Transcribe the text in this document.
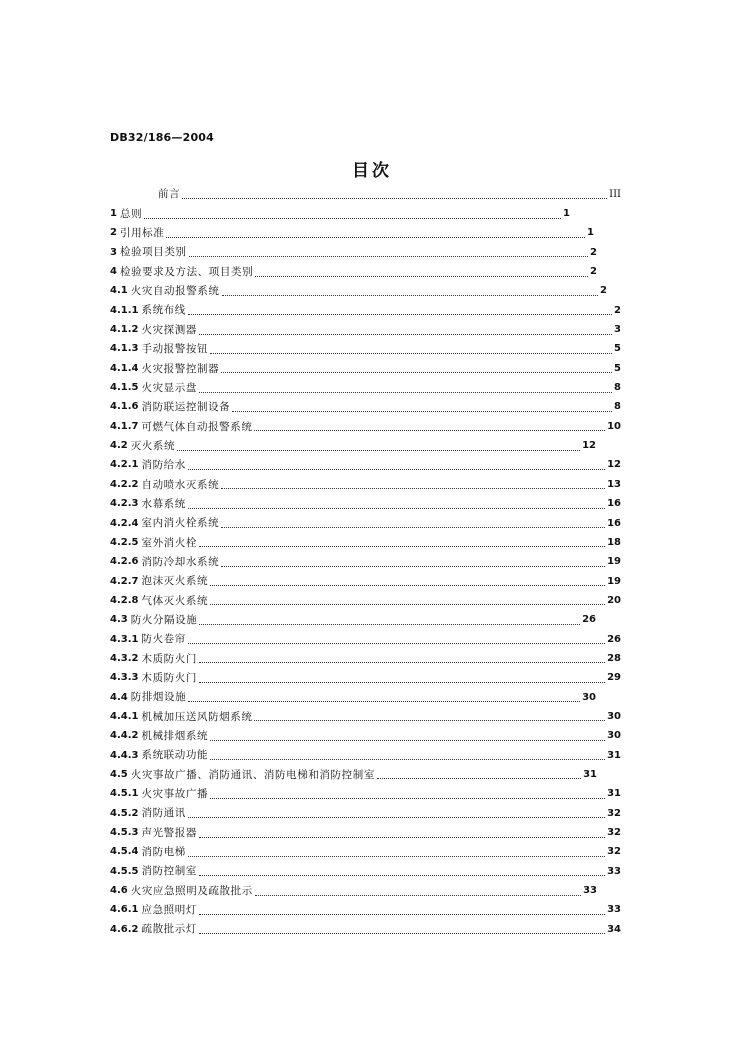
DB32/186—2004
目次
前言	III
1 总则	1
2 引用标准	1
3 检验项目类别	2
4 检验要求及方法、项目类别	2
4.1 火灾自动报警系统	2
4.1.1 系统布线	2
4.1.2 火灾探测器	3
4.1.3 手动报警按钮	5
4.1.4 火灾报警控制器	5
4.1.5 火灾显示盘	8
4.1.6 消防联运控制设备	8
4.1.7 可燃气体自动报警系统	10
4.2 灭火系统	12
4.2.1 消防给水	12
4.2.2 自动喷水灭系统	13
4.2.3 水幕系统	16
4.2.4 室内消火栓系统	16
4.2.5 室外消火栓	18
4.2.6 消防冷却水系统	19
4.2.7 泡沫灭火系统	19
4.2.8 气体灭火系统	20
4.3 防火分隔设施	26
4.3.1 防火卷帘	26
4.3.2 木质防火门	28
4.3.3 木质防火门	29
4.4 防排烟设施	30
4.4.1 机械加压送风防烟系统	30
4.4.2 机械排烟系统	30
4.4.3 系统联动功能	31
4.5 火灾事故广播、消防通讯、消防电梯和消防控制室	31
4.5.1 火灾事故广播	31
4.5.2 消防通讯	32
4.5.3 声光警报器	32
4.5.4 消防电梯	32
4.5.5 消防控制室	33
4.6 火灾应急照明及疏散批示	33
4.6.1 应急照明灯	33
4.6.2 疏散批示灯	34
